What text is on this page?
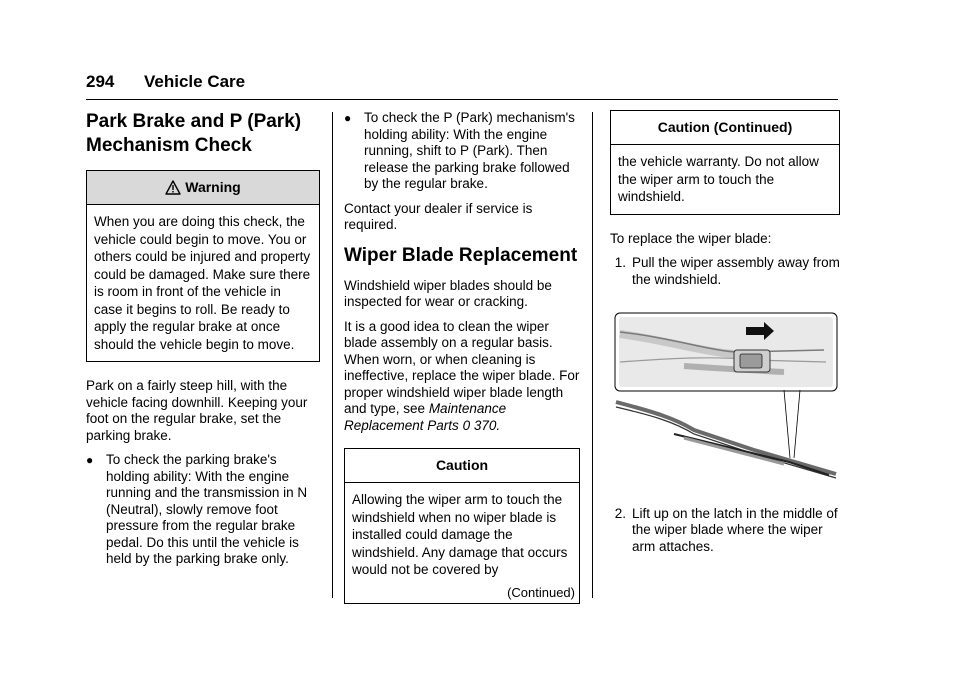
294 Vehicle Care
Park Brake and P (Park) Mechanism Check
Warning
When you are doing this check, the vehicle could begin to move. You or others could be injured and property could be damaged. Make sure there is room in front of the vehicle in case it begins to roll. Be ready to apply the regular brake at once should the vehicle begin to move.

Park on a fairly steep hill, with the vehicle facing downhill. Keeping your foot on the regular brake, set the parking brake.

● To check the parking brake's holding ability: With the engine running and the transmission in N (Neutral), slowly remove foot pressure from the regular brake pedal. Do this until the vehicle is held by the parking brake only.
● To check the P (Park) mechanism's holding ability: With the engine running, shift to P (Park). Then release the parking brake followed by the regular brake.

Contact your dealer if service is required.

Wiper Blade Replacement

Windshield wiper blades should be inspected for wear or cracking.

It is a good idea to clean the wiper blade assembly on a regular basis. When worn, or when cleaning is ineffective, replace the wiper blade. For proper windshield wiper blade length and type, see Maintenance Replacement Parts 0 370.

Caution
Allowing the wiper arm to touch the windshield when no wiper blade is installed could damage the windshield. Any damage that occurs would not be covered by
(Continued)
Caution (Continued)
the vehicle warranty. Do not allow the wiper arm to touch the windshield.

To replace the wiper blade:

1. Pull the wiper assembly away from the windshield.
2. Lift up on the latch in the middle of the wiper blade where the wiper arm attaches.
